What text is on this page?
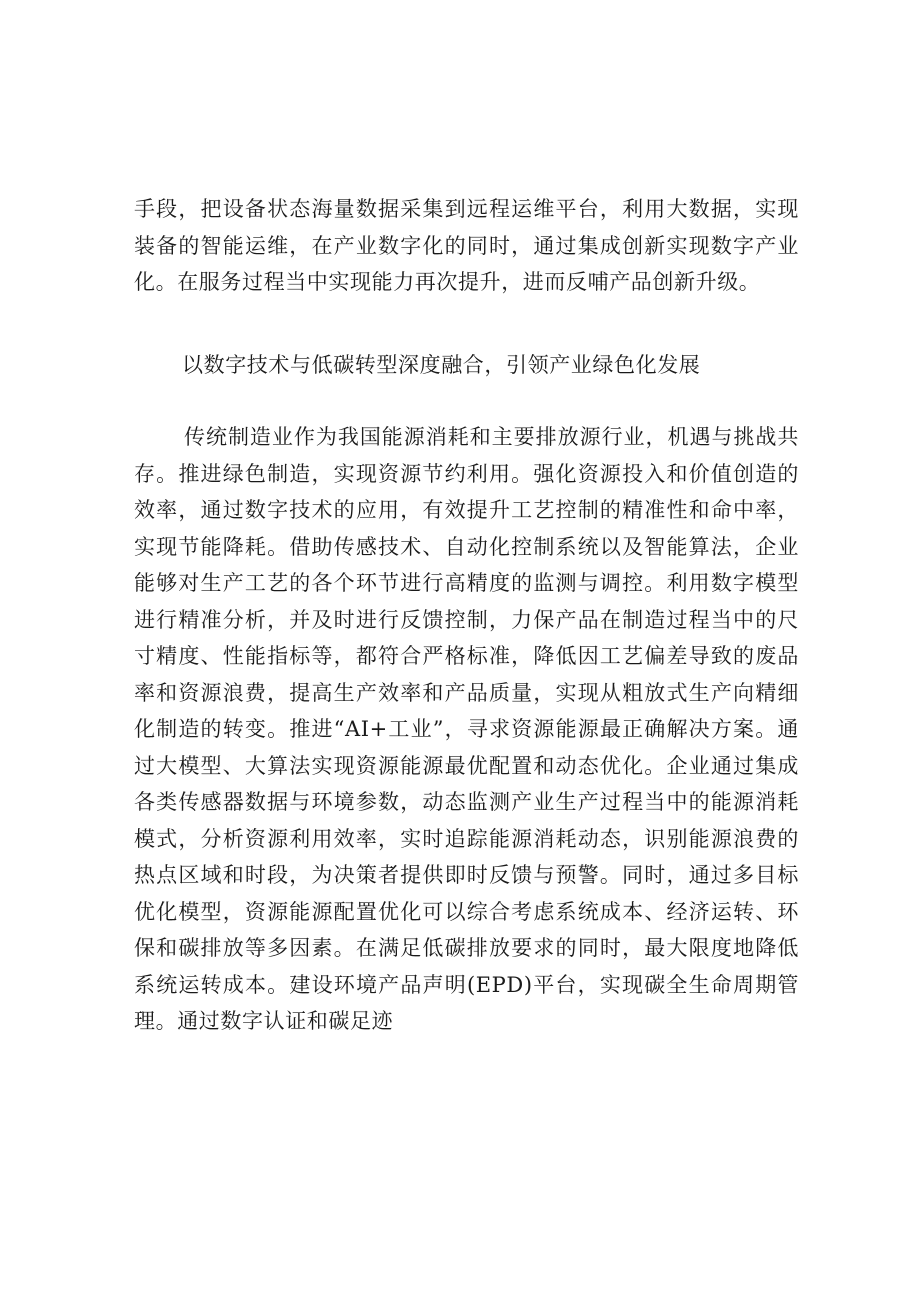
手段，把设备状态海量数据采集到远程运维平台，利用大数据，实现装备的智能运维，在产业数字化的同时，通过集成创新实现数字产业化。在服务过程当中实现能力再次提升，进而反哺产品创新升级。

以数字技术与低碳转型深度融合，引领产业绿色化发展

传统制造业作为我国能源消耗和主要排放源行业，机遇与挑战共存。推进绿色制造，实现资源节约利用。强化资源投入和价值创造的效率，通过数字技术的应用，有效提升工艺控制的精准性和命中率，实现节能降耗。借助传感技术、自动化控制系统以及智能算法，企业能够对生产工艺的各个环节进行高精度的监测与调控。利用数字模型进行精准分析，并及时进行反馈控制，力保产品在制造过程当中的尺寸精度、性能指标等，都符合严格标准，降低因工艺偏差导致的废品率和资源浪费，提高生产效率和产品质量，实现从粗放式生产向精细化制造的转变。推进“AI+工业”，寻求资源能源最正确解决方案。通过大模型、大算法实现资源能源最优配置和动态优化。企业通过集成各类传感器数据与环境参数，动态监测产业生产过程当中的能源消耗模式，分析资源利用效率，实时追踪能源消耗动态，识别能源浪费的热点区域和时段，为决策者提供即时反馈与预警。同时，通过多目标优化模型，资源能源配置优化可以综合考虑系统成本、经济运转、环保和碳排放等多因素。在满足低碳排放要求的同时，最大限度地降低系统运转成本。建设环境产品声明(EPD)平台，实现碳全生命周期管理。通过数字认证和碳足迹
